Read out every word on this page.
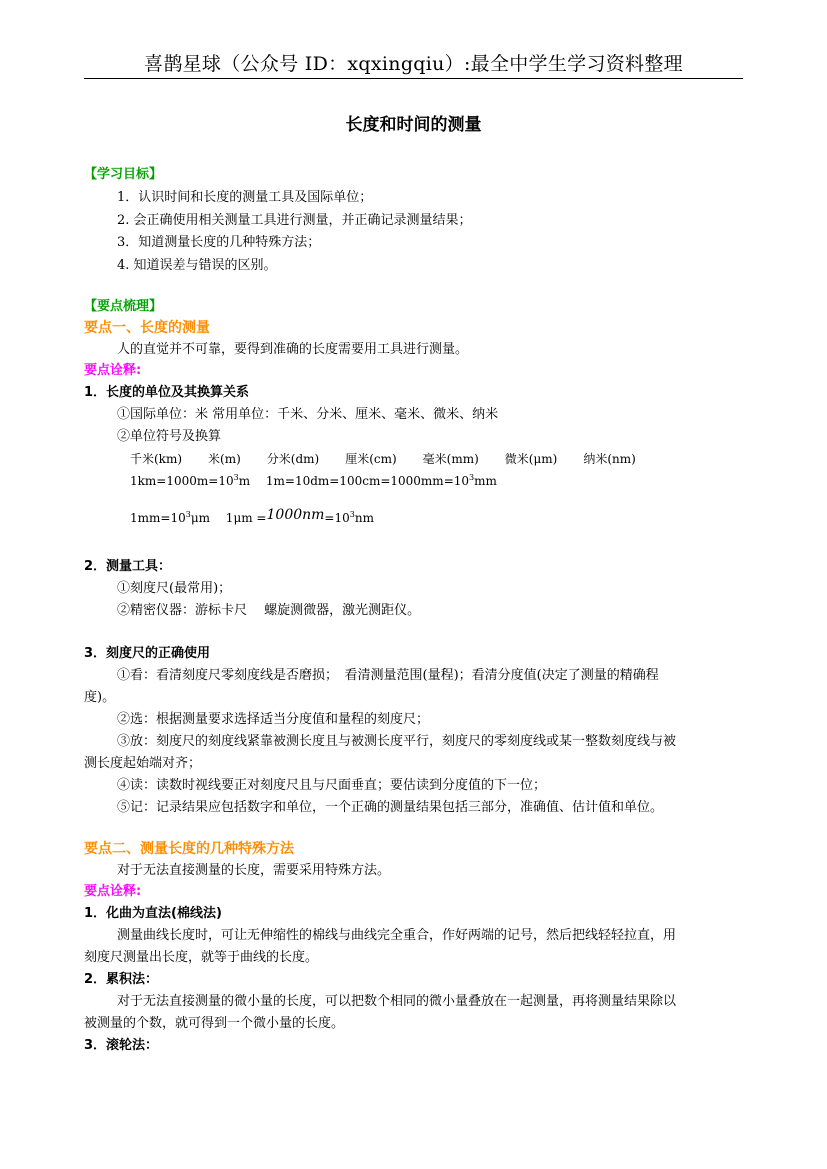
喜鹊星球（公众号 ID：xqxingqiu）:最全中学生学习资料整理
长度和时间的测量
【学习目标】
1．认识时间和长度的测量工具及国际单位；
2. 会正确使用相关测量工具进行测量，并正确记录测量结果；
3．知道测量长度的几种特殊方法；
4. 知道误差与错误的区别。
【要点梳理】
要点一、长度的测量
人的直觉并不可靠，要得到准确的长度需要用工具进行测量。
要点诠释:
1．长度的单位及其换算关系
①国际单位：米 常用单位：千米、分米、厘米、毫米、微米、纳米
②单位符号及换算
千米(km) 米(m) 分米(dm) 厘米(cm) 毫米(mm) 微米(μm) 纳米(nm)
$1km=1000m=10^3m$　 $1m=10dm=100cm=1000mm=10^3mm$
$1mm=10^3\mu m$　 $1\mu m =1000nm=10^3nm$
2．测量工具：
①刻度尺(最常用)；
②精密仪器：游标卡尺　 螺旋测微器，激光测距仪。
3．刻度尺的正确使用
①看：看清刻度尺零刻度线是否磨损；　看清测量范围(量程)；看清分度值(决定了测量的精确程
度)。
②选：根据测量要求选择适当分度值和量程的刻度尺；
③放：刻度尺的刻度线紧靠被测长度且与被测长度平行，刻度尺的零刻度线或某一整数刻度线与被
测长度起始端对齐；
④读：读数时视线要正对刻度尺且与尺面垂直；要估读到分度值的下一位；
⑤记：记录结果应包括数字和单位，一个正确的测量结果包括三部分，准确值、估计值和单位。
要点二、测量长度的几种特殊方法
对于无法直接测量的长度，需要采用特殊方法。
要点诠释:
1．化曲为直法(棉线法)
测量曲线长度时，可让无伸缩性的棉线与曲线完全重合，作好两端的记号，然后把线轻轻拉直，用
刻度尺测量出长度，就等于曲线的长度。
2．累积法：
对于无法直接测量的微小量的长度，可以把数个相同的微小量叠放在一起测量，再将测量结果除以
被测量的个数，就可得到一个微小量的长度。
3．滚轮法：
